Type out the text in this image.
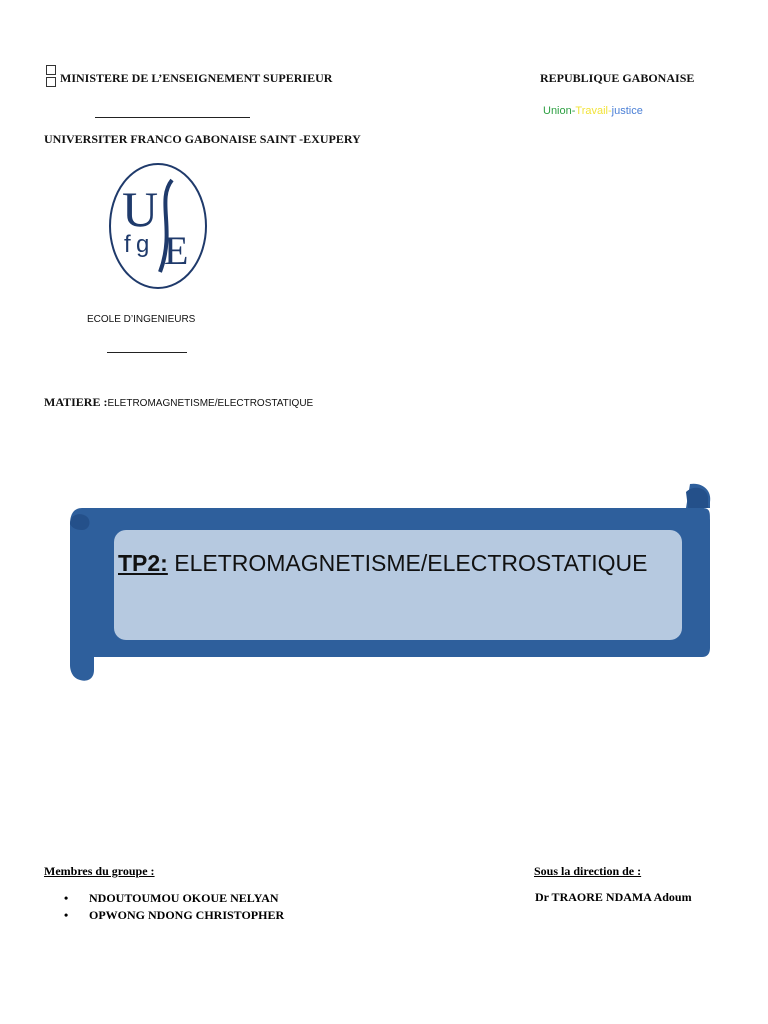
MINISTERE DE L’ENSEIGNEMENT SUPERIEUR
UNIVERSITER FRANCO GABONAISE SAINT -EXUPERY
REPUBLIQUE GABONAISE
Union-Travail-justice
U
f g E
ECOLE D’INGENIEURS
MATIERE :ELETROMAGNETISME/ELECTROSTATIQUE
TP2: ELETROMAGNETISME/ELECTROSTATIQUE
Membres du groupe :	Sous la direction de :
• NDOUTOUMOU OKOUE NELYAN
• OPWONG NDONG CHRISTOPHER
Dr TRAORE NDAMA Adoum
